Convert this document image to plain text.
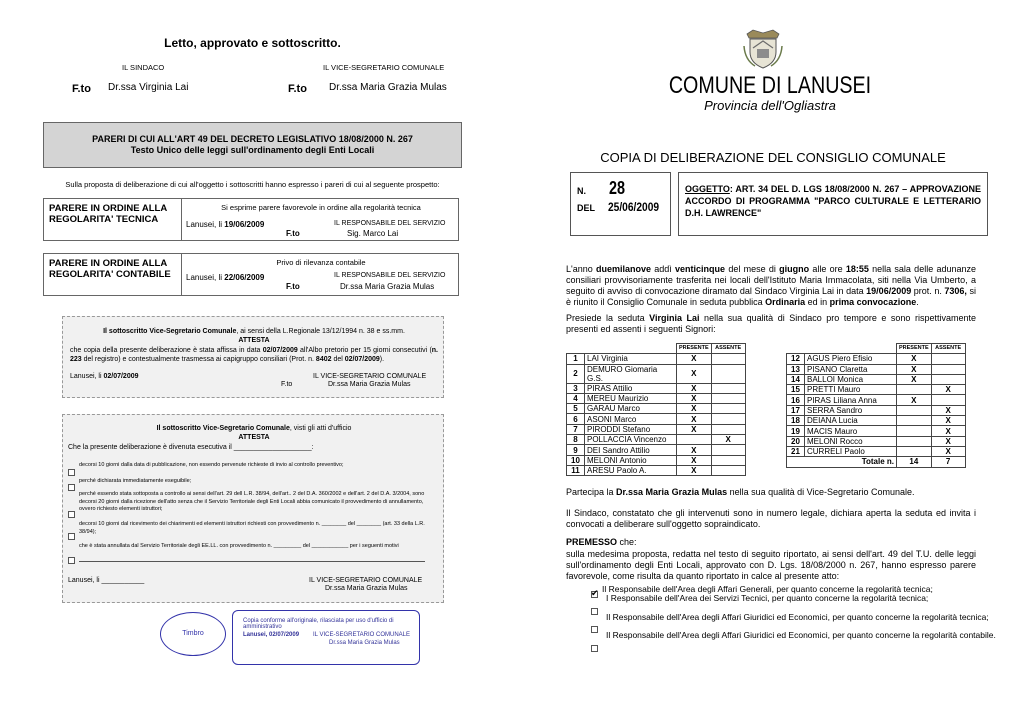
Letto, approvato e sottoscritto.
IL SINDACO	IL VICE-SEGRETARIO COMUNALE
F.to Dr.ssa Virginia Lai	F.to Dr.ssa Maria Grazia Mulas
PARERI DI CUI ALL'ART 49 DEL DECRETO LEGISLATIVO 18/08/2000 N. 267
Testo Unico delle leggi sull'ordinamento degli Enti Locali
Sulla proposta di deliberazione di cui all'oggetto i sottoscritti hanno espresso i pareri di cui al seguente prospetto:
PARERE IN ORDINE ALLA REGOLARITA' TECNICA
Si esprime parere favorevole in ordine alla regolarità tecnica
Lanusei, li 19/06/2009	IL RESPONSABILE DEL SERVIZIO
F.to	Sig. Marco Lai
PARERE IN ORDINE ALLA REGOLARITA' CONTABILE
Privo di rilevanza contabile
Lanusei, li 22/06/2009	IL RESPONSABILE DEL SERVIZIO
F.to	Dr.ssa Maria Grazia Mulas
Il sottoscritto Vice-Segretario Comunale, ai sensi della L.Regionale 13/12/1994 n. 38 e ss.mm.
ATTESTA
che copia della presente deliberazione è stata affissa in data 02/07/2009 all'Albo pretorio per 15 giorni consecutivi (n. 223 del registro) e contestualmente trasmessa ai capigruppo consiliari (Prot. n. 8402 del 02/07/2009).
Lanusei, li 02/07/2009	IL VICE-SEGRETARIO COMUNALE
F.to	Dr.ssa Maria Grazia Mulas
Il sottoscritto Vice-Segretario Comunale, visti gli atti d'ufficio
ATTESTA
Che la presente deliberazione è divenuta esecutiva il ____________________:
decorsi 10 giorni dalla data di pubblicazione, non essendo pervenute richieste di invio al controllo preventivo;
perché dichiarata immediatamente eseguibile;
perché essendo stata sottoposta a controllo ai sensi dell'art. 29 dell L.R. 38/94, dell'art.. 2 del D.A. 360/2002 e dell'art. 2 del D.A. 3/2004, sono decorsi 20 giorni dalla ricezione dell'atto senza che il Servizio Territoriale degli Enti Locali abbia comunicato il provvedimento di annullamento, ovvero richiesto elementi istruttori;
decorsi 10 giorni dal ricevimento dei chiarimenti ed elementi istruttori richiesti con provvedimento n. ________ del ________ (art. 33 della L.R. 38/94);
che è stata annullata dal Servizio Territoriale degli EE.LL. con provvedimento n. _________ del ____________ per i seguenti motivi
Lanusei, li ___________	IL VICE-SEGRETARIO COMUNALE
Dr.ssa Maria Grazia Mulas
Timbro
Copia conforme all'originale, rilasciata per uso d'ufficio di amministrativo
Lanusei, 02/07/2009 IL VICE-SEGRETARIO COMUNALE
Dr.ssa Maria Grazia Mulas
COMUNE DI LANUSEI
Provincia dell'Ogliastra
COPIA DI DELIBERAZIONE DEL CONSIGLIO COMUNALE
N. 28
DEL 25/06/2009
OGGETTO: ART. 34 DEL D. LGS 18/08/2000 N. 267 – APPROVAZIONE ACCORDO DI PROGRAMMA "PARCO CULTURALE E LETTERARIO D.H. LAWRENCE"
L'anno duemilanove addì venticinque del mese di giugno alle ore 18:55 nella sala delle adunanze consiliari provvisoriamente trasferita nei locali dell'Istituto Maria Immacolata, siti nella Via Umberto, a seguito di avviso di convocazione diramato dal Sindaco Virginia Lai in data 19/06/2009 prot. n. 7306, si è riunito il Consiglio Comunale in seduta pubblica Ordinaria ed in prima convocazione.
Presiede la seduta Virginia Lai nella sua qualità di Sindaco pro tempore e sono rispettivamente presenti ed assenti i seguenti Signori:
		PRESENTE	ASSENTE
1	LAI Virginia	X	
2	DEMURO Giomaria G.S.	X	
3	PIRAS Attilio	X	
4	MEREU Maurizio	X	
5	GARAU Marco	X	
6	ASONI Marco	X	
7	PIRODDI Stefano	X	
8	POLLACCIA Vincenzo		X
9	DEI Sandro Attilio	X	
10	MELONI Antonio	X	
11	ARESU Paolo A.	X	
		PRESENTE	ASSENTE
12	AGUS Piero Efisio	X	
13	PISANO Claretta	X	
14	BALLOI Monica	X	
15	PRETTI Mauro		X
16	PIRAS Liliana Anna	X	
17	SERRA Sandro		X
18	DEIANA Lucia		X
19	MACIS Mauro		X
20	MELONI Rocco		X
21	CURRELI Paolo		X
Totale n.		14	7
Partecipa la Dr.ssa Maria Grazia Mulas nella sua qualità di Vice-Segretario Comunale.
Il Sindaco, constatato che gli intervenuti sono in numero legale, dichiara aperta la seduta ed invita i convocati a deliberare sull'oggetto sopraindicato.
PREMESSO che:
sulla medesima proposta, redatta nel testo di seguito riportato, ai sensi dell'art. 49 del T.U. delle leggi sull'ordinamento degli Enti Locali, approvato con D. Lgs. 18/08/2000 n. 267, hanno espresso parere favorevole, come risulta da quanto riportato in calce al presente atto:
✔
Il Responsabile dell'Area degli Affari Generali, per quanto concerne la regolarità tecnica;
I Responsabile dell'Area dei Servizi Tecnici, per quanto concerne la regolarità tecnica;
Il Responsabile dell'Area degli Affari Giuridici ed Economici, per quanto concerne la regolarità tecnica;
Il Responsabile dell'Area degli Affari Giuridici ed Economici, per quanto concerne la regolarità contabile.
